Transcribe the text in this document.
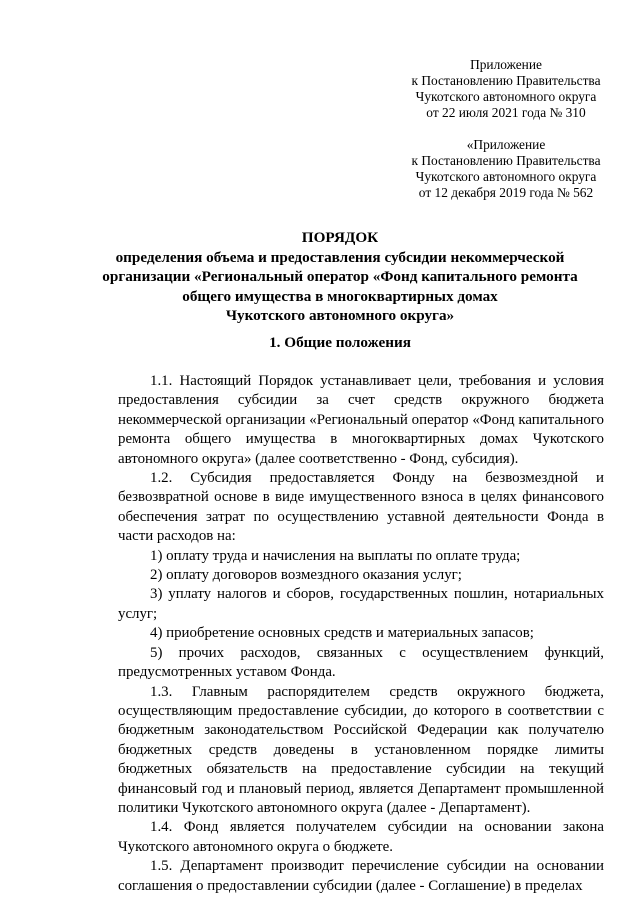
Приложение
к Постановлению Правительства
Чукотского автономного округа
от 22 июля 2021 года № 310
«Приложение
к Постановлению Правительства
Чукотского автономного округа
от 12 декабря 2019 года № 562
ПОРЯДОК
определения объема и предоставления субсидии некоммерческой
организации «Региональный оператор «Фонд капитального ремонта
общего имущества в многоквартирных домах
Чукотского автономного округа»
1. Общие положения

1.1. Настоящий Порядок устанавливает цели, требования и условия предоставления субсидии за счет средств окружного бюджета некоммерческой организации «Региональный оператор «Фонд капитального ремонта общего имущества в многоквартирных домах Чукотского автономного округа» (далее соответственно - Фонд, субсидия).

1.2. Субсидия предоставляется Фонду на безвозмездной и безвозвратной основе в виде имущественного взноса в целях финансового обеспечения затрат по осуществлению уставной деятельности Фонда в части расходов на:

1) оплату труда и начисления на выплаты по оплате труда;

2) оплату договоров возмездного оказания услуг;

3) уплату налогов и сборов, государственных пошлин, нотариальных услуг;

4) приобретение основных средств и материальных запасов;

5) прочих расходов, связанных с осуществлением функций, предусмотренных уставом Фонда.

1.3. Главным распорядителем средств окружного бюджета, осуществляющим предоставление субсидии, до которого в соответствии с бюджетным законодательством Российской Федерации как получателю бюджетных средств доведены в установленном порядке лимиты бюджетных обязательств на предоставление субсидии на текущий финансовый год и плановый период, является Департамент промышленной политики Чукотского автономного округа (далее - Департамент).

1.4. Фонд является получателем субсидии на основании закона Чукотского автономного округа о бюджете.

1.5. Департамент производит перечисление субсидии на основании соглашения о предоставлении субсидии (далее - Соглашение) в пределах
